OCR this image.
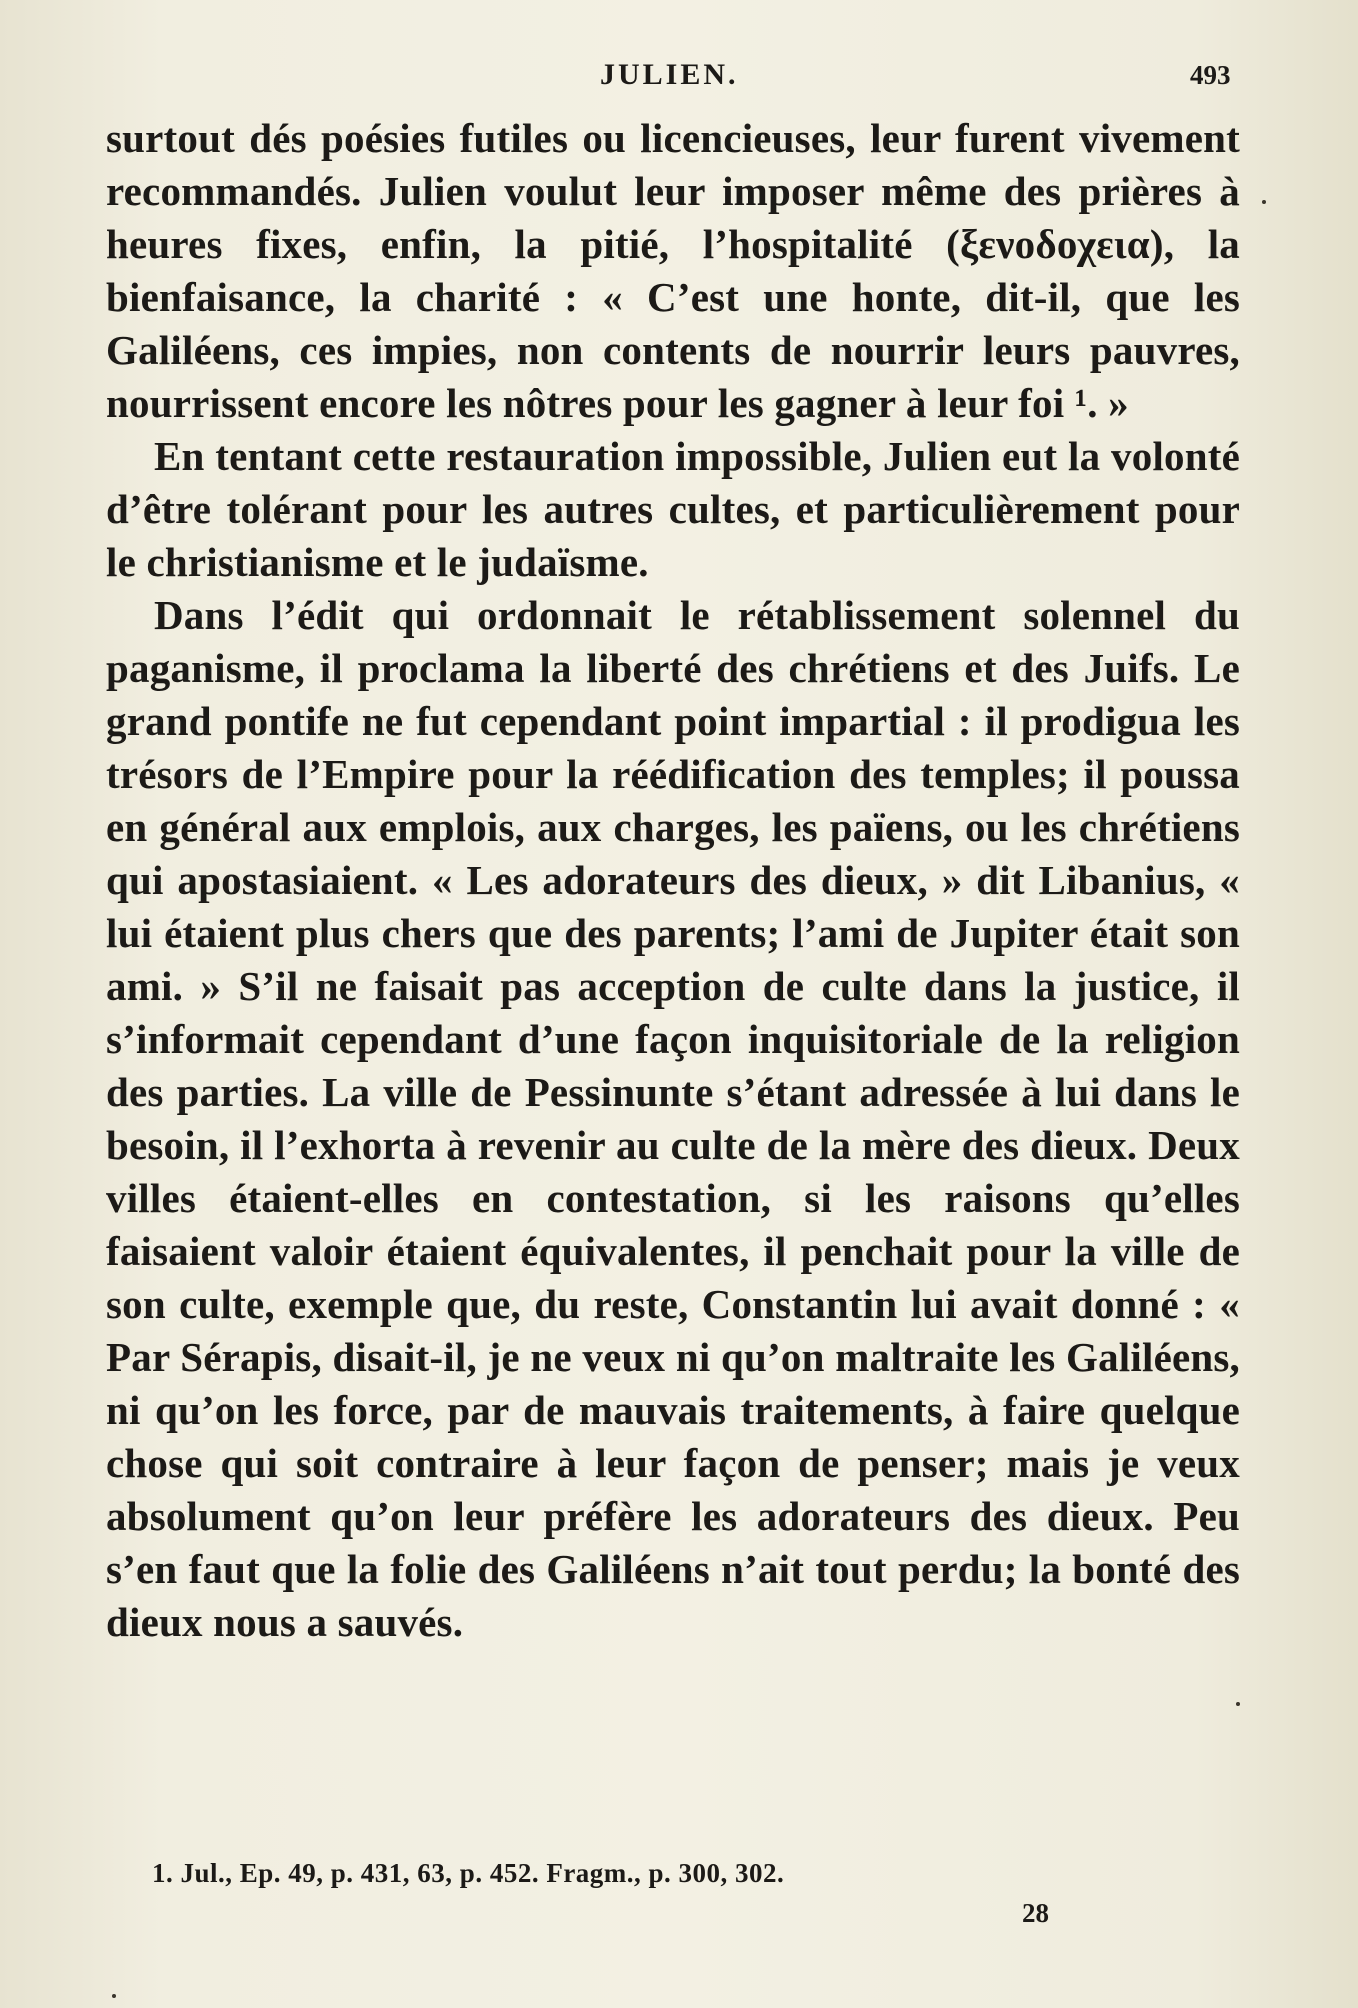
JULIEN.	493

surtout dés poésies futiles ou licencieuses, leur furent vivement recommandés. Julien voulut leur imposer même des prières à heures fixes, enfin, la pitié, l’hospitalité (ξενοδοχεια), la bienfaisance, la charité : « C’est une honte, dit-il, que les Galiléens, ces impies, non contents de nourrir leurs pauvres, nourrissent encore les nôtres pour les gagner à leur foi ¹. »

En tentant cette restauration impossible, Julien eut la volonté d’être tolérant pour les autres cultes, et particulièrement pour le christianisme et le judaïsme.

Dans l’édit qui ordonnait le rétablissement solennel du paganisme, il proclama la liberté des chrétiens et des Juifs. Le grand pontife ne fut cependant point impartial : il prodigua les trésors de l’Empire pour la réédification des temples; il poussa en général aux emplois, aux charges, les païens, ou les chrétiens qui apostasiaient. « Les adorateurs des dieux, » dit Libanius, « lui étaient plus chers que des parents; l’ami de Jupiter était son ami. » S’il ne faisait pas acception de culte dans la justice, il s’informait cependant d’une façon inquisitoriale de la religion des parties. La ville de Pessinunte s’étant adressée à lui dans le besoin, il l’exhorta à revenir au culte de la mère des dieux. Deux villes étaient-elles en contestation, si les raisons qu’elles faisaient valoir étaient équivalentes, il penchait pour la ville de son culte, exemple que, du reste, Constantin lui avait donné : « Par Sérapis, disait-il, je ne veux ni qu’on maltraite les Galiléens, ni qu’on les force, par de mauvais traitements, à faire quelque chose qui soit contraire à leur façon de penser; mais je veux absolument qu’on leur préfère les adorateurs des dieux. Peu s’en faut que la folie des Galiléens n’ait tout perdu; la bonté des dieux nous a sauvés.

1. Jul., Ep. 49, p. 431, 63, p. 452. Fragm., p. 300, 302.
28
